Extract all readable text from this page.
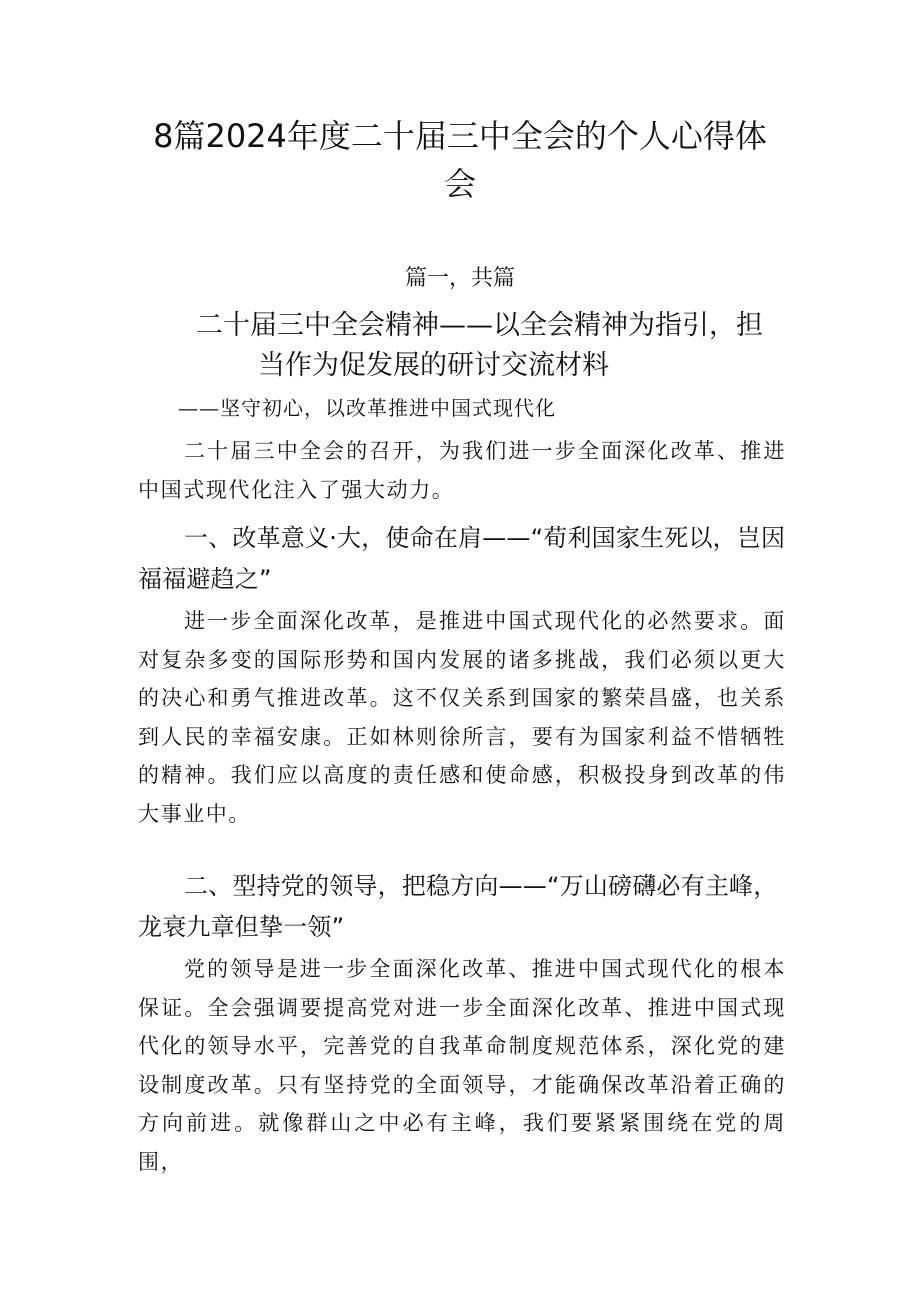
8篇2024年度二十届三中全会的个人心得体会
篇一，共篇
二十届三中全会精神——以全会精神为指引，担
当作为促发展的研讨交流材料
——坚守初心，以改革推进中国式现代化

二十届三中全会的召开，为我们进一步全面深化改革、推进中国式现代化注入了强大动力。

一、改革意义·大，使命在肩——“荀利国家生死以，岂因福福避趋之”

进一步全面深化改革，是推进中国式现代化的必然要求。面对复杂多变的国际形势和国内发展的诸多挑战，我们必须以更大的决心和勇气推进改革。这不仅关系到国家的繁荣昌盛，也关系到人民的幸福安康。正如林则徐所言，要有为国家利益不惜牺牲的精神。我们应以高度的责任感和使命感，积极投身到改革的伟大事业中。

二、型持党的领导，把稳方向——“万山磅礴必有主峰，龙衰九章但挚一领”

党的领导是进一步全面深化改革、推进中国式现代化的根本保证。全会强调要提高党对进一步全面深化改革、推进中国式现代化的领导水平，完善党的自我革命制度规范体系，深化党的建设制度改革。只有坚持党的全面领导，才能确保改革沿着正确的方向前进。就像群山之中必有主峰，我们要紧紧围绕在党的周围，
